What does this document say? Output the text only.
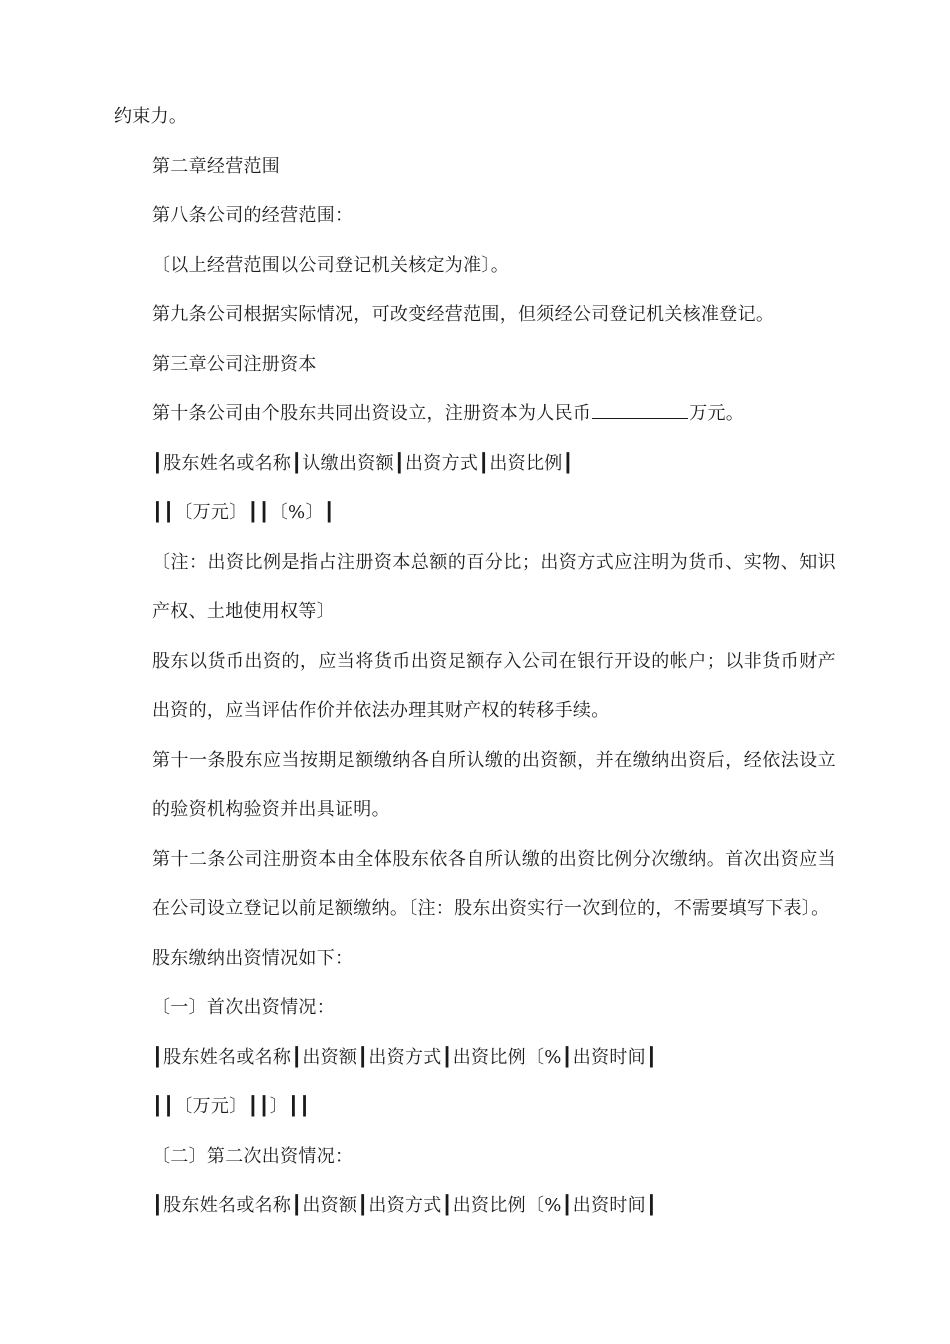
约束力。

第二章经营范围

第八条公司的经营范围：

〔以上经营范围以公司登记机关核定为准〕。

第九条公司根据实际情况，可改变经营范围，但须经公司登记机关核准登记。

第三章公司注册资本

第十条公司由个股东共同出资设立，注册资本为人民币	万元。

┃股东姓名或名称┃认缴出资额┃出资方式┃出资比例┃

┃┃〔万元〕┃┃〔%〕┃

〔注：出资比例是指占注册资本总额的百分比；出资方式应注明为货币、实物、知识产权、土地使用权等〕

股东以货币出资的，应当将货币出资足额存入公司在银行开设的帐户；以非货币财产出资的，应当评估作价并依法办理其财产权的转移手续。

第十一条股东应当按期足额缴纳各自所认缴的出资额，并在缴纳出资后，经依法设立的验资机构验资并出具证明。

第十二条公司注册资本由全体股东依各自所认缴的出资比例分次缴纳。首次出资应当在公司设立登记以前足额缴纳。〔注：股东出资实行一次到位的，不需要填写下表〕。

股东缴纳出资情况如下：

〔一〕首次出资情况：

┃股东姓名或名称┃出资额┃出资方式┃出资比例〔%┃出资时间┃

┃┃〔万元〕┃┃〕┃┃

〔二〕第二次出资情况：

┃股东姓名或名称┃出资额┃出资方式┃出资比例〔%┃出资时间┃
